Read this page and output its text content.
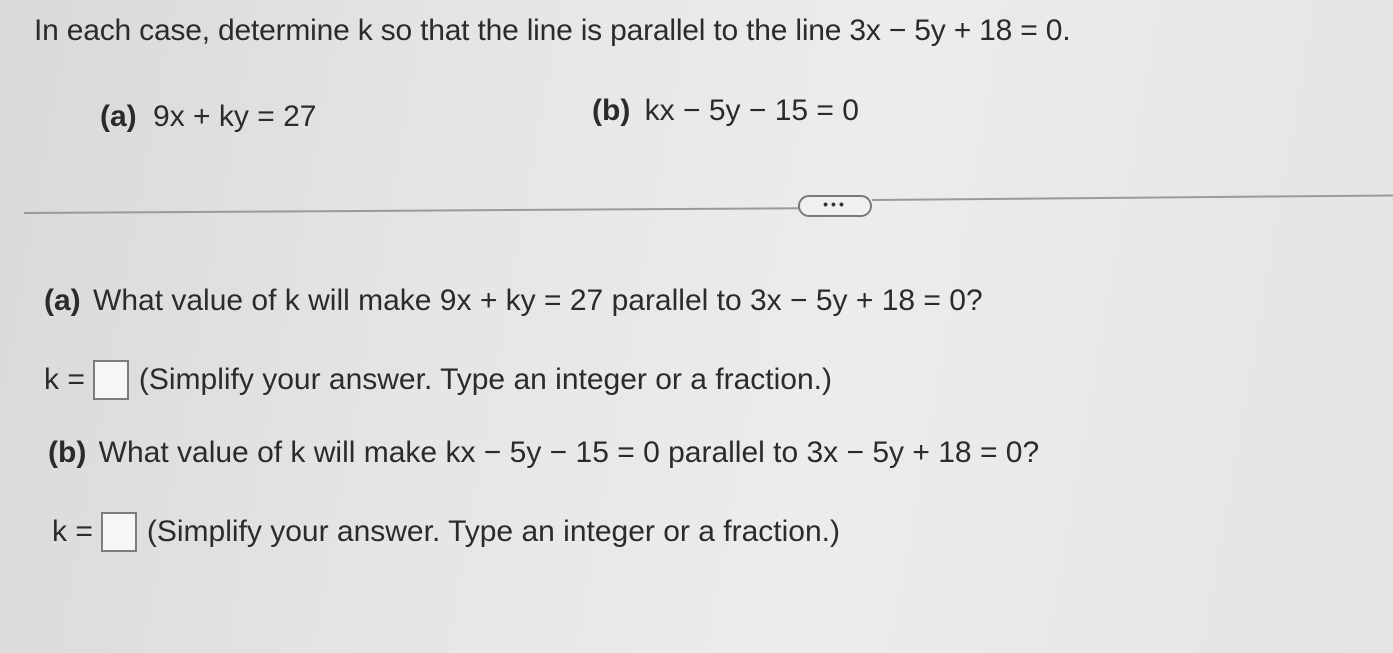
In each case, determine k so that the line is parallel to the line 3x − 5y + 18 = 0.
(a) 9x + ky = 27	(b) kx − 5y − 15 = 0
•••
(a) What value of k will make 9x + ky = 27 parallel to 3x − 5y + 18 = 0?
k = (Simplify your answer. Type an integer or a fraction.)
(b) What value of k will make kx − 5y − 15 = 0 parallel to 3x − 5y + 18 = 0?
k = (Simplify your answer. Type an integer or a fraction.)
